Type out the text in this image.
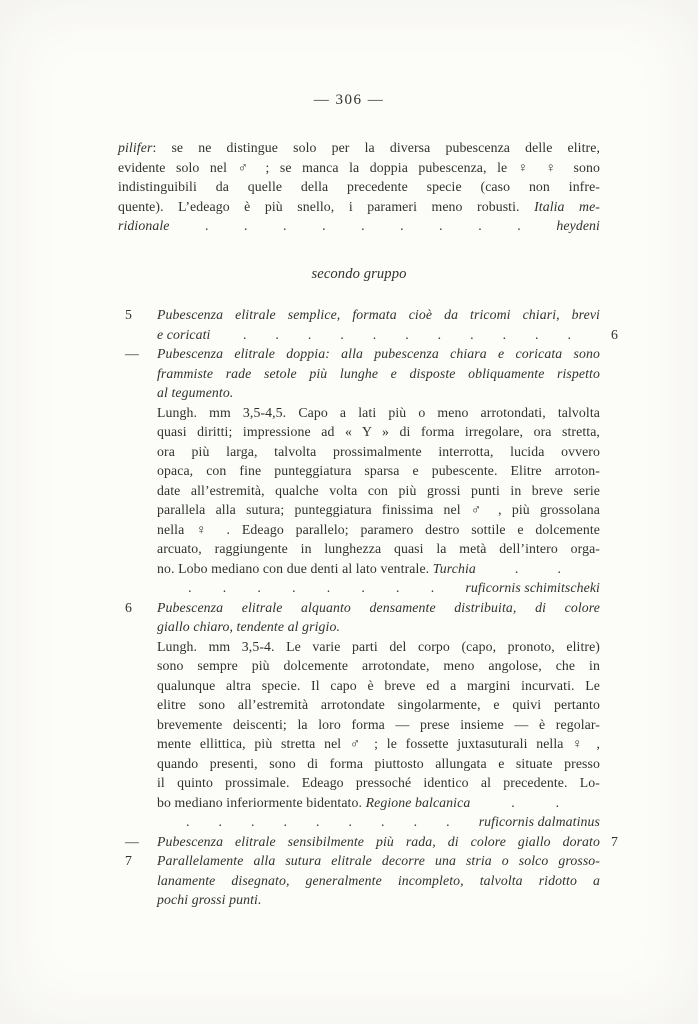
— 306 —
pilifer: se ne distingue solo per la diversa pubescenza delle elitre,
evidente solo nel ♂ ; se manca la doppia pubescenza, le ♀ ♀ sono
indistinguibili da quelle della precedente specie (caso non infre-
quente). L’edeago è più snello, i parameri meno robusti. Italia me-
ridionale	.	.	.	.	.	.	.	.	.	heydeni
secondo gruppo
5	Pubescenza elitrale semplice, formata cioè da tricomi chiari, brevi
e coricati . . . . . . . . . . .	6
—	Pubescenza elitrale doppia: alla pubescenza chiara e coricata sono
frammiste rade setole più lunghe e disposte obliquamente rispetto
al tegumento.
Lungh. mm 3,5-4,5. Capo a lati più o meno arrotondati, talvolta
quasi diritti; impressione ad « Y » di forma irregolare, ora stretta,
ora più larga, talvolta prossimalmente interrotta, lucida ovvero
opaca, con fine punteggiatura sparsa e pubescente. Elitre arroton-
date all’estremità, qualche volta con più grossi punti in breve serie
parallela alla sutura; punteggiatura finissima nel ♂ , più grossolana
nella ♀ . Edeago parallelo; paramero destro sottile e dolcemente
arcuato, raggiungente in lunghezza quasi la metà dell’intero orga-
no. Lobo mediano con due denti al lato ventrale. Turchia	.	.
. . . . . . . . ruficornis schimitscheki
6	Pubescenza elitrale alquanto densamente distribuita, di colore
giallo chiaro, tendente al grigio.
Lungh. mm 3,5-4. Le varie parti del corpo (capo, pronoto, elitre)
sono sempre più dolcemente arrotondate, meno angolose, che in
qualunque altra specie. Il capo è breve ed a margini incurvati. Le
elitre sono all’estremità arrotondate singolarmente, e quivi pertanto
brevemente deiscenti; la loro forma — prese insieme — è regolar-
mente ellittica, più stretta nel ♂ ; le fossette juxtasuturali nella ♀ ,
quando presenti, sono di forma piuttosto allungata e situate presso
il quinto prossimale. Edeago pressoché identico al precedente. Lo-
bo mediano inferiormente bidentato. Regione balcanica	.	.
. . . . . . . . . ruficornis dalmatinus
—	Pubescenza elitrale sensibilmente più rada, di colore giallo dorato 7
7	Parallelamente alla sutura elitrale decorre una stria o solco grosso-
lanamente disegnato, generalmente incompleto, talvolta ridotto a
pochi grossi punti.
